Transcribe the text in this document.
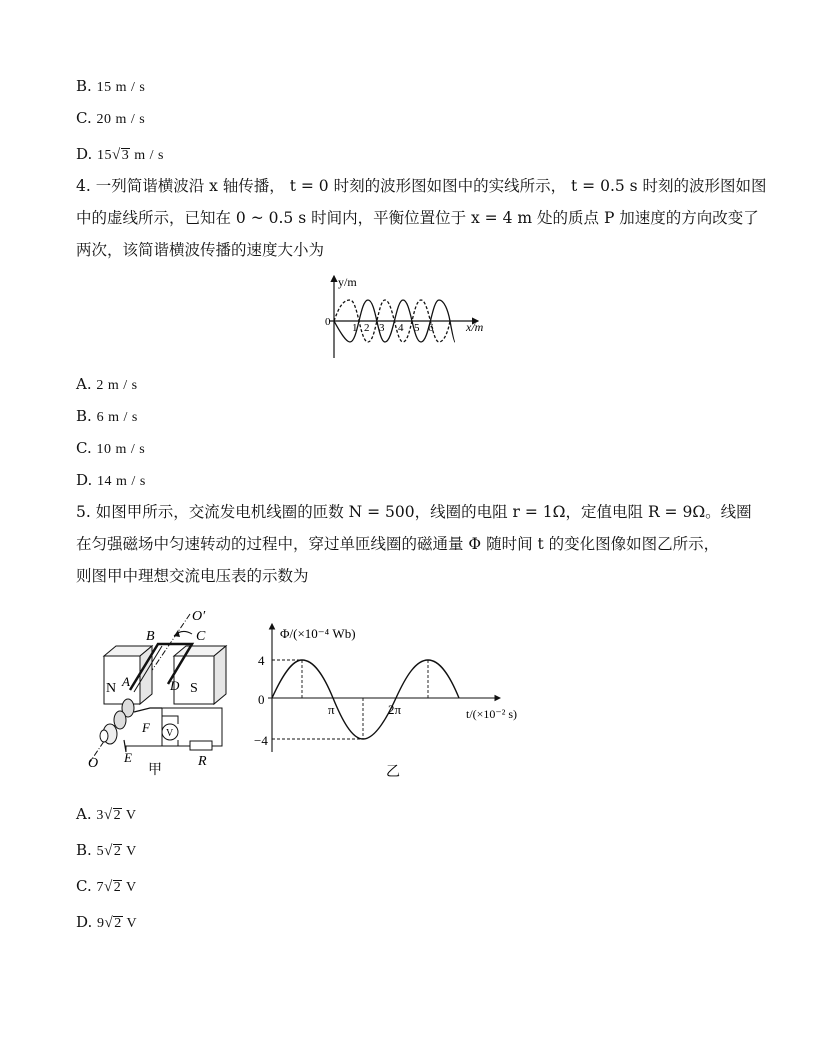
B. 15 m / s
C. 20 m / s
D. 15√3 m / s
4. 一列简谐横波沿 x 轴传播， t = 0 时刻的波形图如图中的实线所示， t = 0.5 s 时刻的波形图如图
中的虚线所示，已知在 0 ~ 0.5 s 时间内，平衡位置位于 x = 4 m 处的质点 P 加速度的方向改变了
两次，该简谐横波传播的速度大小为
y/m
x/m
0 1 2 3 4 5 6
A. 2 m / s
B. 6 m / s
C. 10 m / s
D. 14 m / s
5. 如图甲所示，交流发电机线圈的匝数 N = 500，线圈的电阻 r = 1Ω，定值电阻 R = 9Ω。线圈
在匀强磁场中匀速转动的过程中，穿过单匝线圈的磁通量 Φ 随时间 t 的变化图像如图乙所示，
则图甲中理想交流电压表的示数为
O′
O
N	S
B	C
A	D
F
E
V
R
甲
Φ/(×10⁻⁴ Wb)
t/(×10⁻² s)
4
−4
0
π	2π
乙
A. 3√2 V
B. 5√2 V
C. 7√2 V
D. 9√2 V
